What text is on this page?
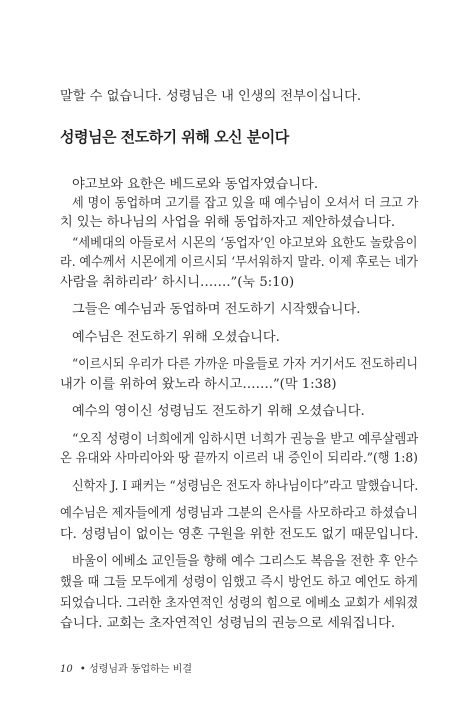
말할 수 없습니다. 성령님은 내 인생의 전부이십니다.
성령님은 전도하기 위해 오신 분이다
야고보와 요한은 베드로와 동업자였습니다.
세 명이 동업하며 고기를 잡고 있을 때 예수님이 오셔서 더 크고 가
치 있는 하나님의 사업을 위해 동업하자고 제안하셨습니다.
“세베대의 아들로서 시몬의 ‘동업자’인 야고보와 요한도 놀랐음이
라. 예수께서 시몬에게 이르시되 ‘무서워하지 말라. 이제 후로는 네가
사람을 취하리라’ 하시니…….”(눅 5:10)
그들은 예수님과 동업하며 전도하기 시작했습니다.
예수님은 전도하기 위해 오셨습니다.
“이르시되 우리가 다른 가까운 마을들로 가자 거기서도 전도하리니
내가 이를 위하여 왔노라 하시고…….”(막 1:38)
예수의 영이신 성령님도 전도하기 위해 오셨습니다.
“오직 성령이 너희에게 임하시면 너희가 권능을 받고 예루살렘과
온 유대와 사마리아와 땅 끝까지 이르러 내 증인이 되리라.”(행 1:8)
신학자 J. I 패커는 “성령님은 전도자 하나님이다”라고 말했습니다.
예수님은 제자들에게 성령님과 그분의 은사를 사모하라고 하셨습니
다. 성령님이 없이는 영혼 구원을 위한 전도도 없기 때문입니다.
바울이 에베소 교인들을 향해 예수 그리스도 복음을 전한 후 안수
했을 때 그들 모두에게 성령이 임했고 즉시 방언도 하고 예언도 하게
되었습니다. 그러한 초자연적인 성령의 힘으로 에베소 교회가 세워졌
습니다. 교회는 초자연적인 성령님의 권능으로 세워집니다.
10 • 성령님과 동업하는 비결
